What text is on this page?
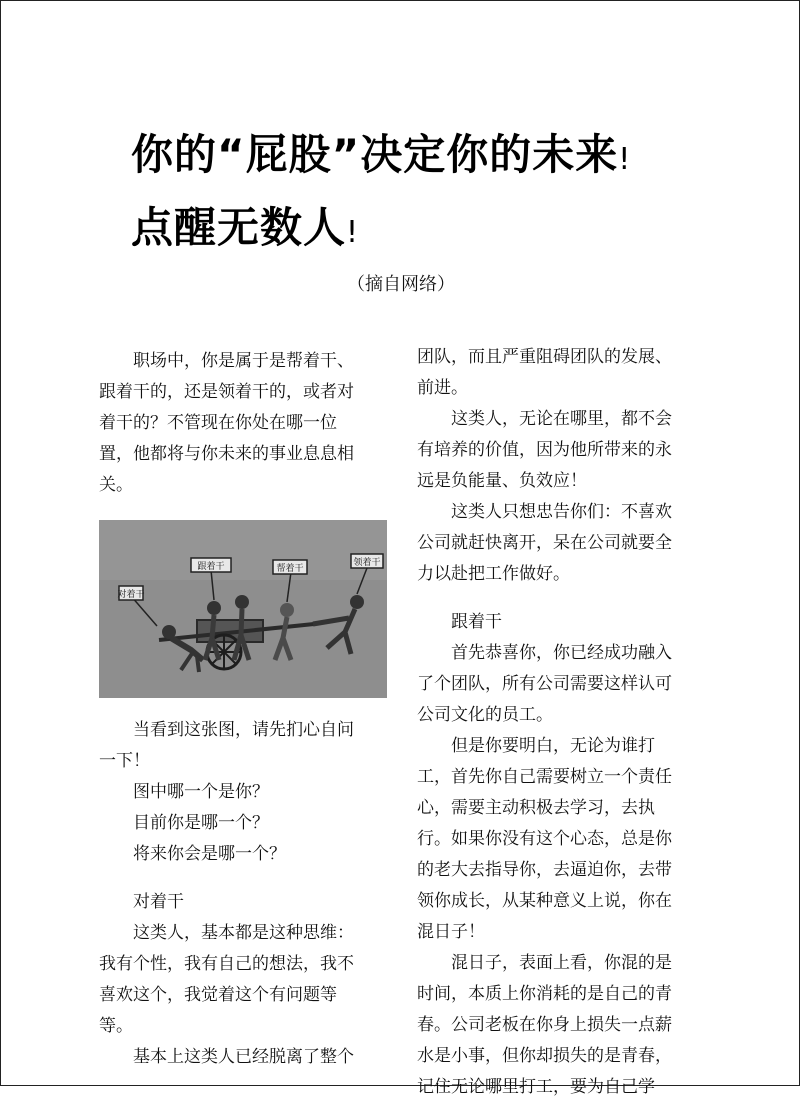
你的“屁股”决定你的未来!
点醒无数人!
（摘自网络）

职场中，你是属于是帮着干、跟着干的，还是领着干的，或者对着干的？不管现在你处在哪一位置，他都将与你未来的事业息息相关。

对着干
跟着干	帮着干
领着干

当看到这张图，请先扪心自问一下！

图中哪一个是你？

目前你是哪一个？

将来你会是哪一个？

对着干

这类人，基本都是这种思维：我有个性，我有自己的想法，我不喜欢这个，我觉着这个有问题等等。

基本上这类人已经脱离了整个

团队，而且严重阻碍团队的发展、前进。

这类人，无论在哪里，都不会有培养的价值，因为他所带来的永远是负能量、负效应！

这类人只想忠告你们：不喜欢公司就赶快离开，呆在公司就要全力以赴把工作做好。

跟着干

首先恭喜你，你已经成功融入了个团队，所有公司需要这样认可公司文化的员工。

但是你要明白，无论为谁打工，首先你自己需要树立一个责任心，需要主动积极去学习，去执行。如果你没有这个心态，总是你的老大去指导你，去逼迫你，去带领你成长，从某种意义上说，你在混日子！

混日子，表面上看，你混的是时间，本质上你消耗的是自己的青春。公司老板在你身上损失一点薪水是小事，但你却损失的是青春，记住无论哪里打工，要为自己学
